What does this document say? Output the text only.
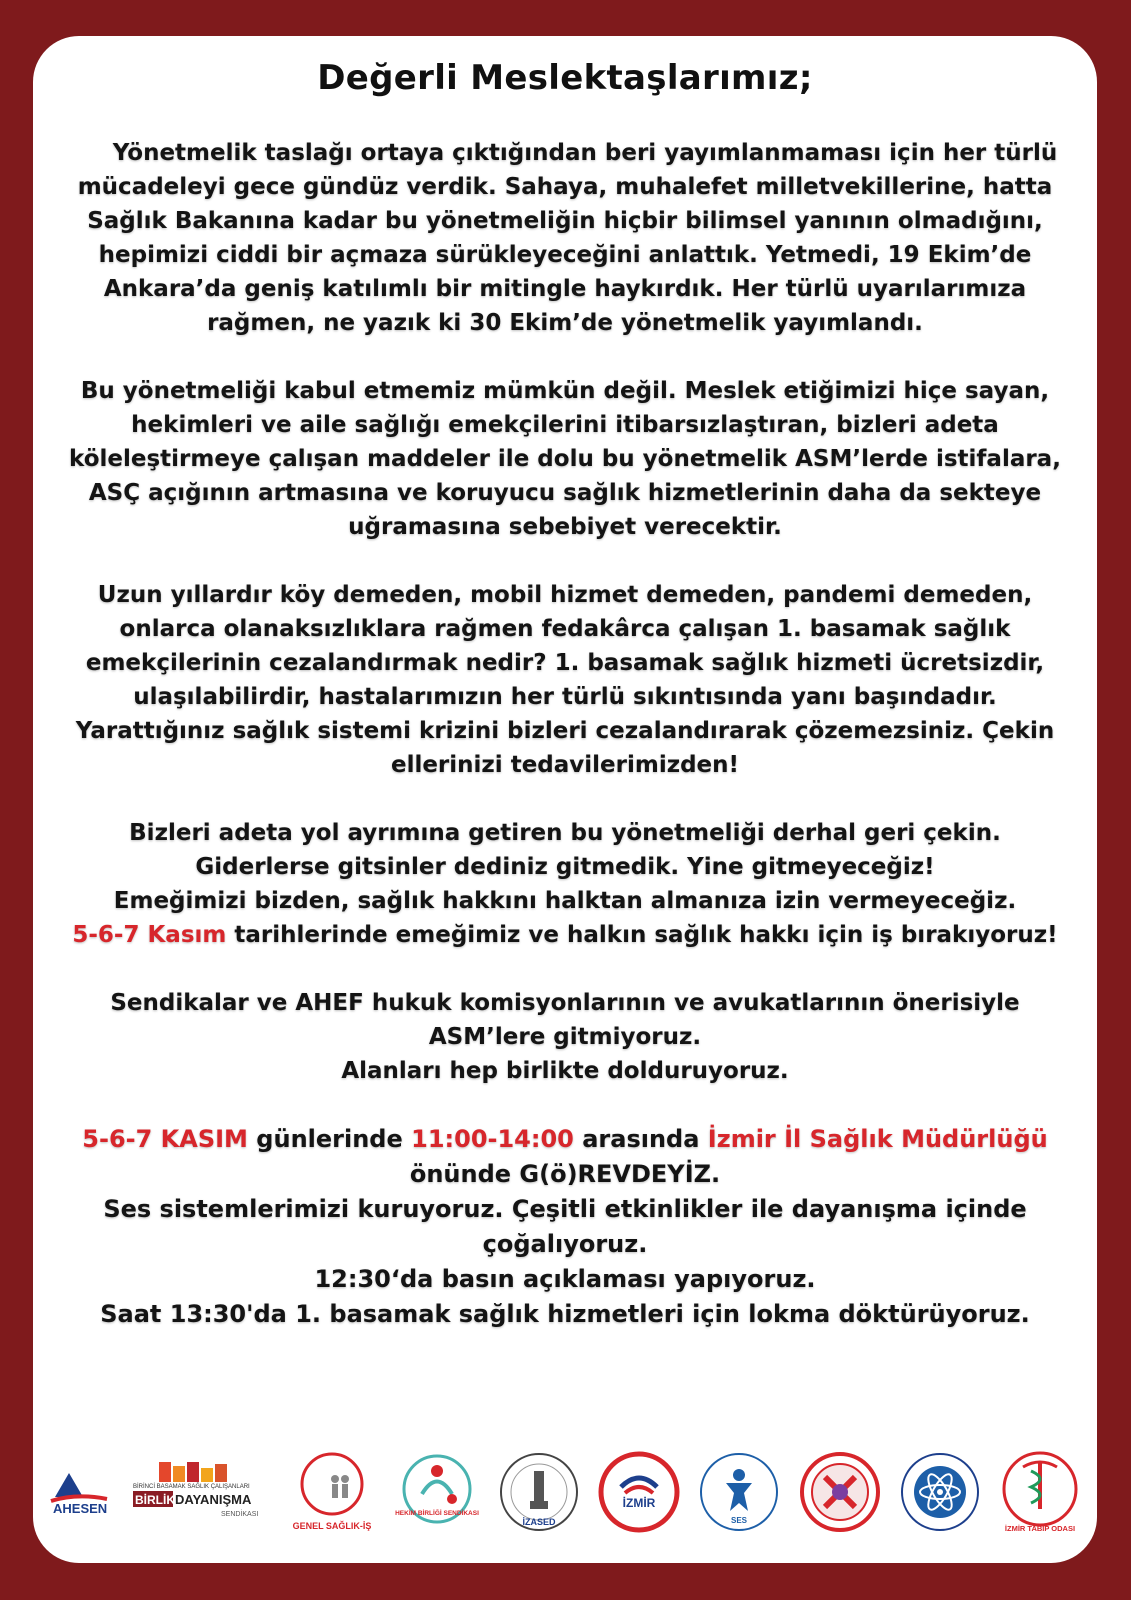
Değerli Meslektaşlarımız;

Yönetmelik taslağı ortaya çıktığından beri yayımlanmaması için her türlü mücadeleyi gece gündüz verdik. Sahaya, muhalefet milletvekillerine, hatta Sağlık Bakanına kadar bu yönetmeliğin hiçbir bilimsel yanının olmadığını, hepimizi ciddi bir açmaza sürükleyeceğini anlattık. Yetmedi, 19 Ekim’de Ankara’da geniş katılımlı bir mitingle haykırdık. Her türlü uyarılarımıza rağmen, ne yazık ki 30 Ekim’de yönetmelik yayımlandı.

Bu yönetmeliği kabul etmemiz mümkün değil. Meslek etiğimizi hiçe sayan, hekimleri ve aile sağlığı emekçilerini itibarsızlaştıran, bizleri adeta köleleştirmeye çalışan maddeler ile dolu bu yönetmelik ASM’lerde istifalara, ASÇ açığının artmasına ve koruyucu sağlık hizmetlerinin daha da sekteye uğramasına sebebiyet verecektir.

Uzun yıllardır köy demeden, mobil hizmet demeden, pandemi demeden, onlarca olanaksızlıklara rağmen fedakârca çalışan 1. basamak sağlık emekçilerinin cezalandırmak nedir? 1. basamak sağlık hizmeti ücretsizdir, ulaşılabilirdir, hastalarımızın her türlü sıkıntısında yanı başındadır. Yarattığınız sağlık sistemi krizini bizleri cezalandırarak çözemezsiniz. Çekin ellerinizi tedavilerimizden!

Bizleri adeta yol ayrımına getiren bu yönetmeliği derhal geri çekin.
Giderlerse gitsinler dediniz gitmedik. Yine gitmeyeceğiz!
Emeğimizi bizden, sağlık hakkını halktan almanıza izin vermeyeceğiz.
5-6-7 Kasım tarihlerinde emeğimiz ve halkın sağlık hakkı için iş bırakıyoruz!

Sendikalar ve AHEF hukuk komisyonlarının ve avukatlarının önerisiyle ASM’lere gitmiyoruz.
Alanları hep birlikte dolduruyoruz.

5-6-7 KASIM günlerinde 11:00-14:00 arasında İzmir İl Sağlık Müdürlüğü önünde G(ö)REVDEYİZ.
Ses sistemlerimizi kuruyoruz. Çeşitli etkinlikler ile dayanışma içinde çoğalıyoruz.
12:30‘da basın açıklaması yapıyoruz.
Saat 13:30'da 1. basamak sağlık hizmetleri için lokma döktürüyoruz.

AHESEN
BİRİNCİ BASAMAK SAĞLIK ÇALIŞANLARI
BİRLİK DAYANIŞMA
SENDİKASI
GENEL SAĞLIK-İŞ
HEKİM BİRLİĞİ SENDİKASI
İZASED
İZMİR
SES
İZMİR TABİP ODASI
